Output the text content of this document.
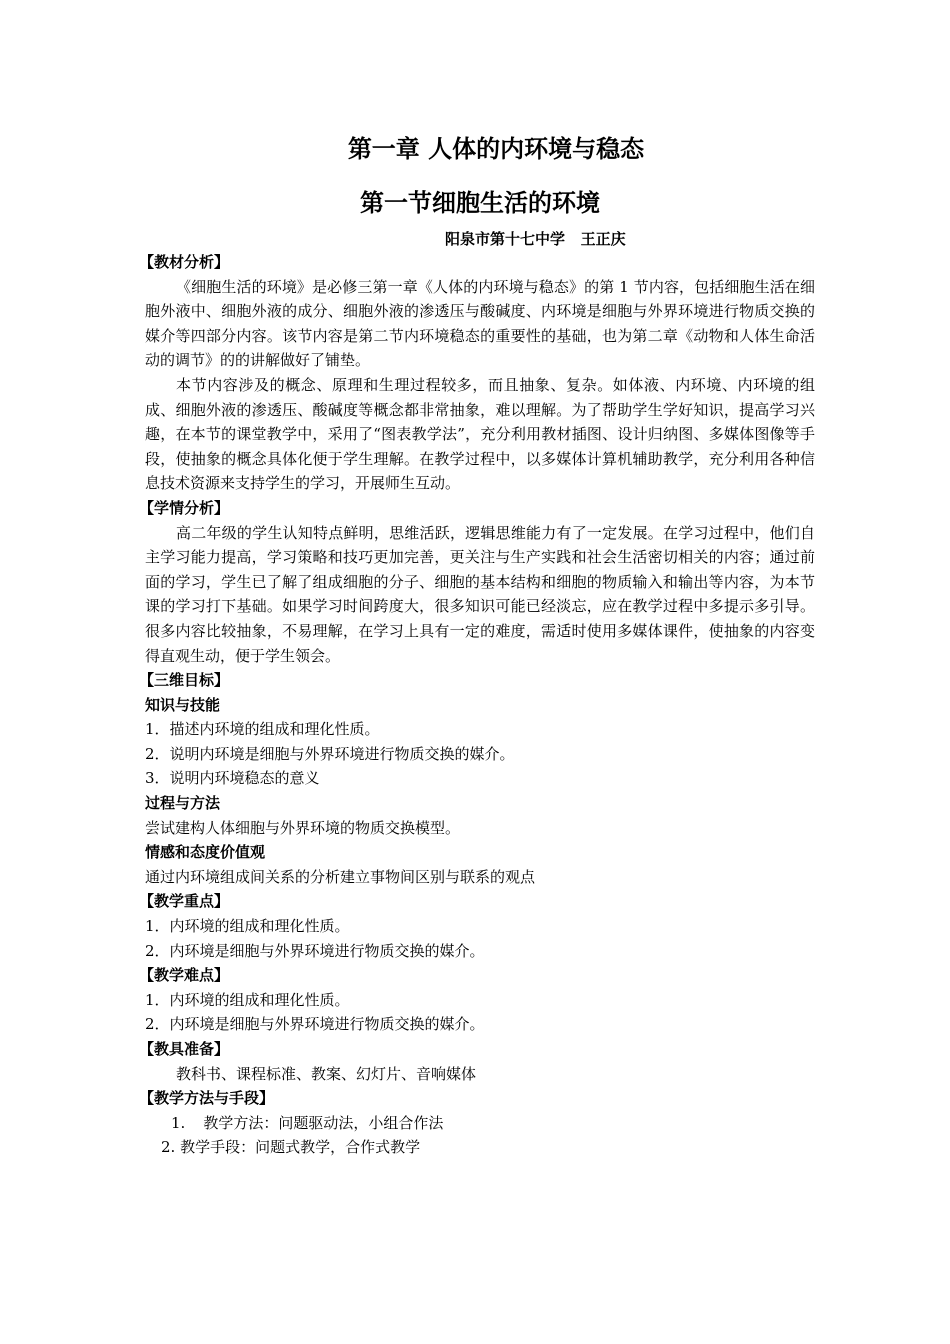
第一章 人体的内环境与稳态
第一节细胞生活的环境
阳泉市第十七中学   王正庆
【教材分析】

《细胞生活的环境》是必修三第一章《人体的内环境与稳态》的第 1 节内容，包括细胞生活在细胞外液中、细胞外液的成分、细胞外液的渗透压与酸碱度、内环境是细胞与外界环境进行物质交换的媒介等四部分内容。该节内容是第二节内环境稳态的重要性的基础，也为第二章《动物和人体生命活动的调节》的的讲解做好了铺垫。

本节内容涉及的概念、原理和生理过程较多，而且抽象、复杂。如体液、内环境、内环境的组成、细胞外液的渗透压、酸碱度等概念都非常抽象，难以理解。为了帮助学生学好知识，提高学习兴趣，在本节的课堂教学中，采用了“图表教学法”，充分利用教材插图、设计归纳图、多媒体图像等手段，使抽象的概念具体化便于学生理解。在教学过程中，以多媒体计算机辅助教学，充分利用各种信息技术资源来支持学生的学习，开展师生互动。

【学情分析】

高二年级的学生认知特点鲜明，思维活跃，逻辑思维能力有了一定发展。在学习过程中，他们自主学习能力提高，学习策略和技巧更加完善，更关注与生产实践和社会生活密切相关的内容；通过前面的学习，学生已了解了组成细胞的分子、细胞的基本结构和细胞的物质输入和输出等内容，为本节课的学习打下基础。如果学习时间跨度大，很多知识可能已经淡忘，应在教学过程中多提示多引导。很多内容比较抽象，不易理解，在学习上具有一定的难度，需适时使用多媒体课件，使抽象的内容变得直观生动，便于学生领会。

【三维目标】
知识与技能
1．描述内环境的组成和理化性质。
2．说明内环境是细胞与外界环境进行物质交换的媒介。
3．说明内环境稳态的意义
过程与方法
尝试建构人体细胞与外界环境的物质交换模型。
情感和态度价值观
通过内环境组成间关系的分析建立事物间区别与联系的观点
【教学重点】
1．内环境的组成和理化性质。
2．内环境是细胞与外界环境进行物质交换的媒介。
【教学难点】
1．内环境的组成和理化性质。
2．内环境是细胞与外界环境进行物质交换的媒介。
【教具准备】
教科书、课程标准、教案、幻灯片、音响媒体
【教学方法与手段】
1. 教学方法：问题驱动法，小组合作法
2. 教学手段：问题式教学，合作式教学
